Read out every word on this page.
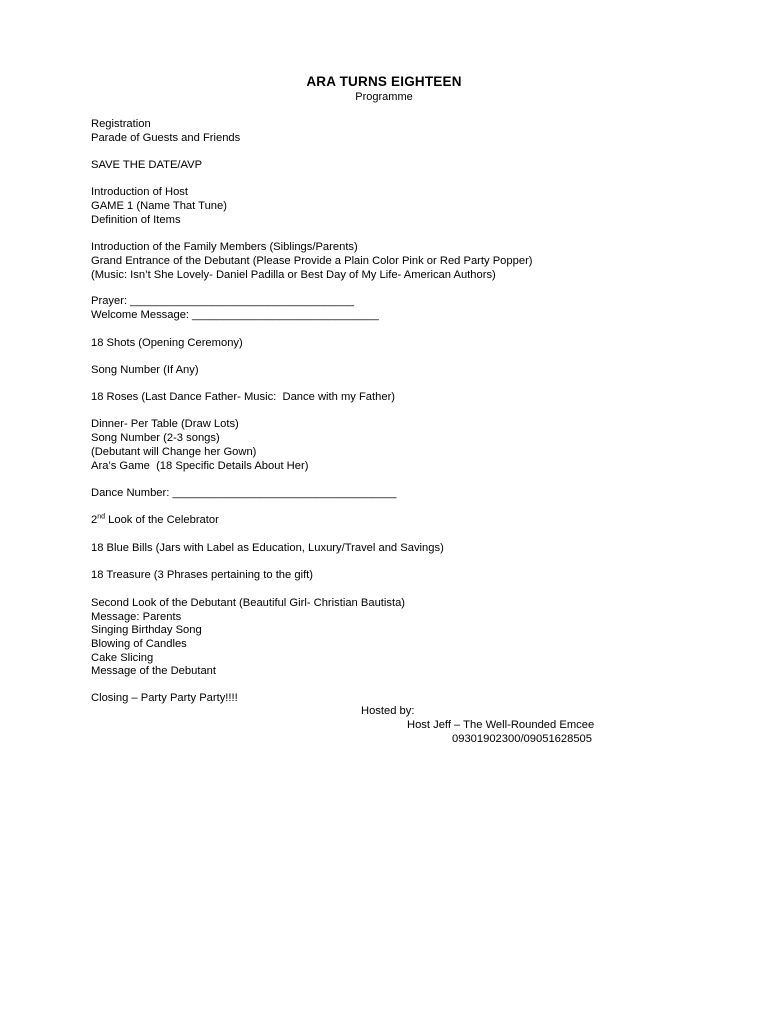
ARA TURNS EIGHTEEN
Programme
Registration
Parade of Guests and Friends
SAVE THE DATE/AVP
Introduction of Host
GAME 1 (Name That Tune)
Definition of Items
Introduction of the Family Members (Siblings/Parents)
Grand Entrance of the Debutant (Please Provide a Plain Color Pink or Red Party Popper)
(Music: Isn’t She Lovely- Daniel Padilla or Best Day of My Life- American Authors)
Prayer: ____________________________________
Welcome Message: ______________________________
18 Shots (Opening Ceremony)
Song Number (If Any)
18 Roses (Last Dance Father- Music:  Dance with my Father)
Dinner- Per Table (Draw Lots)
Song Number (2-3 songs)
(Debutant will Change her Gown)
Ara’s Game  (18 Specific Details About Her)
Dance Number: ____________________________________
2nd Look of the Celebrator
18 Blue Bills (Jars with Label as Education, Luxury/Travel and Savings)
18 Treasure (3 Phrases pertaining to the gift)
Second Look of the Debutant (Beautiful Girl- Christian Bautista)
Message: Parents
Singing Birthday Song
Blowing of Candles
Cake Slicing
Message of the Debutant
Closing – Party Party Party!!!!
Hosted by:
Host Jeff – The Well-Rounded Emcee
09301902300/09051628505
